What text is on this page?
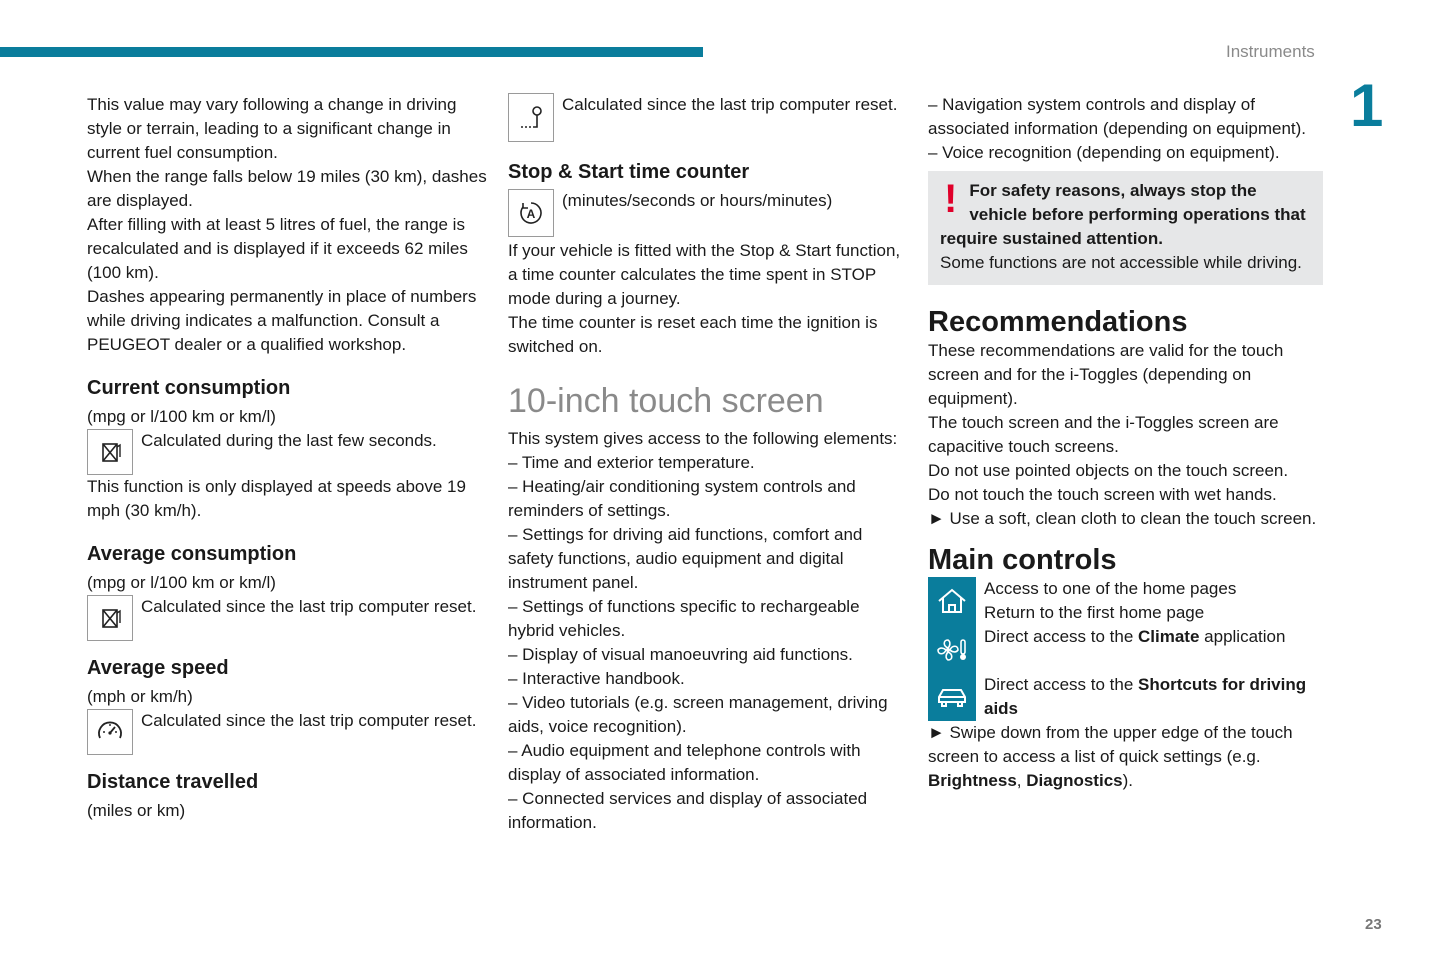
Instruments
1
23

This value may vary following a change in driving style or terrain, leading to a significant change in current fuel consumption.

When the range falls below 19 miles (30 km), dashes are displayed.

After filling with at least 5 litres of fuel, the range is recalculated and is displayed if it exceeds 62 miles (100 km).

Dashes appearing permanently in place of numbers while driving indicates a malfunction. Consult a PEUGEOT dealer or a qualified workshop.

Current consumption

(mpg or l/100 km or km/l)

Calculated during the last few seconds.

This function is only displayed at speeds above 19 mph (30 km/h).

Average consumption

(mpg or l/100 km or km/l)

Calculated since the last trip computer reset.

Average speed

(mph or km/h)

Calculated since the last trip computer reset.

Distance travelled

(miles or km)

Calculated since the last trip computer reset.

Stop & Start time counter
A

(minutes/seconds or hours/minutes)

If your vehicle is fitted with the Stop & Start function, a time counter calculates the time spent in STOP mode during a journey.

The time counter is reset each time the ignition is switched on.

10-inch touch screen

This system gives access to the following elements:

– Time and exterior temperature.

– Heating/air conditioning system controls and reminders of settings.

– Settings for driving aid functions, comfort and safety functions, audio equipment and digital instrument panel.

– Settings of functions specific to rechargeable hybrid vehicles.

– Display of visual manoeuvring aid functions.

– Interactive handbook.

– Video tutorials (e.g. screen management, driving aids, voice recognition).

– Audio equipment and telephone controls with display of associated information.

– Connected services and display of associated information.

– Navigation system controls and display of associated information (depending on equipment).

– Voice recognition (depending on equipment).

! For safety reasons, always stop the vehicle before performing operations that require sustained attention.

Some functions are not accessible while driving.

Recommendations

These recommendations are valid for the touch screen and for the i-Toggles (depending on equipment).

The touch screen and the i-Toggles screen are capacitive touch screens.

Do not use pointed objects on the touch screen.

Do not touch the touch screen with wet hands.

► Use a soft, clean cloth to clean the touch screen.

Main controls

Access to one of the home pages

Return to the first home page

Direct access to the Climate application

Direct access to the Shortcuts for driving aids

► Swipe down from the upper edge of the touch screen to access a list of quick settings (e.g. Brightness, Diagnostics).
